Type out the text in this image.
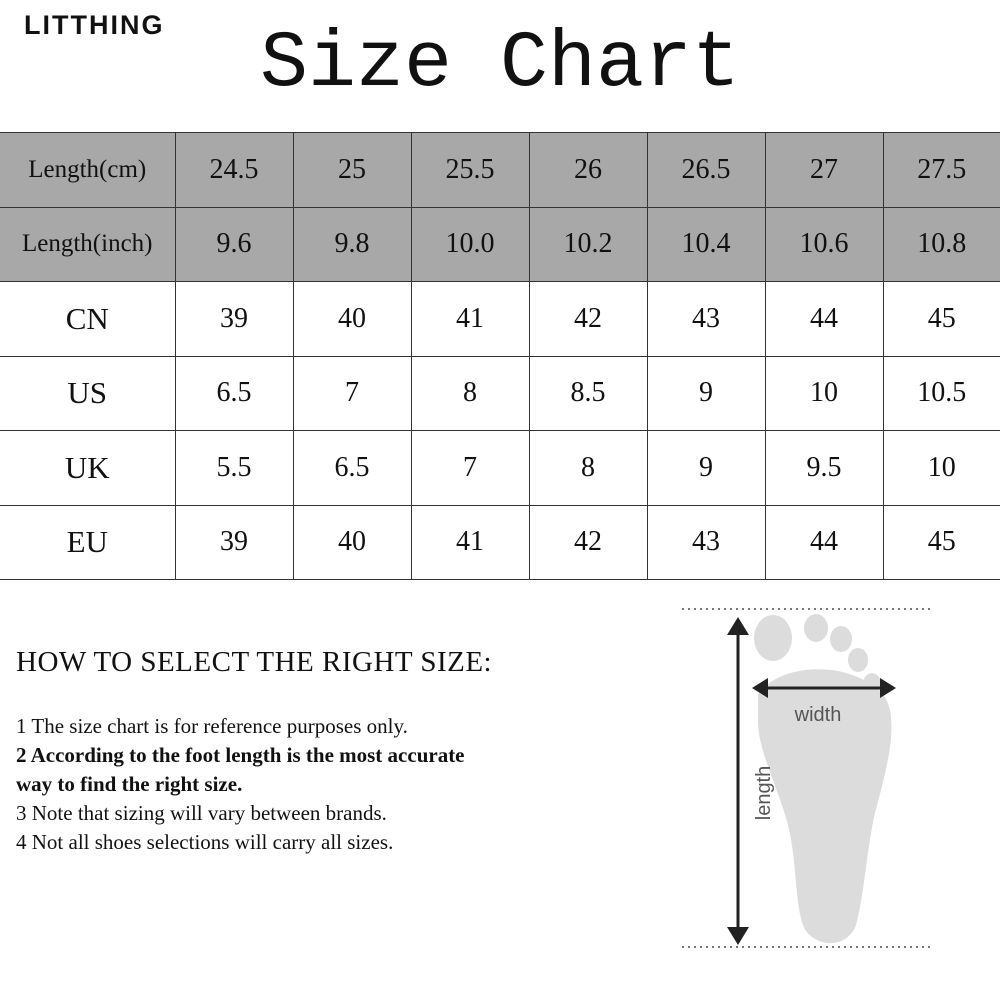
LITTHING	Size Chart
Length(cm)	24.5	25	25.5	26	26.5	27	27.5
Length(inch)	9.6	9.8	10.0	10.2	10.4	10.6	10.8
CN	39	40	41	42	43	44	45
US	6.5	7	8	8.5	9	10	10.5
UK	5.5	6.5	7	8	9	9.5	10
EU	39	40	41	42	43	44	45
HOW TO SELECT THE RIGHT SIZE:
1 The size chart is for reference purposes only.
2 According to the foot length is the most accurate way to find the right size.
3 Note that sizing will vary between brands.
4 Not all shoes selections will carry all sizes.
width
length
